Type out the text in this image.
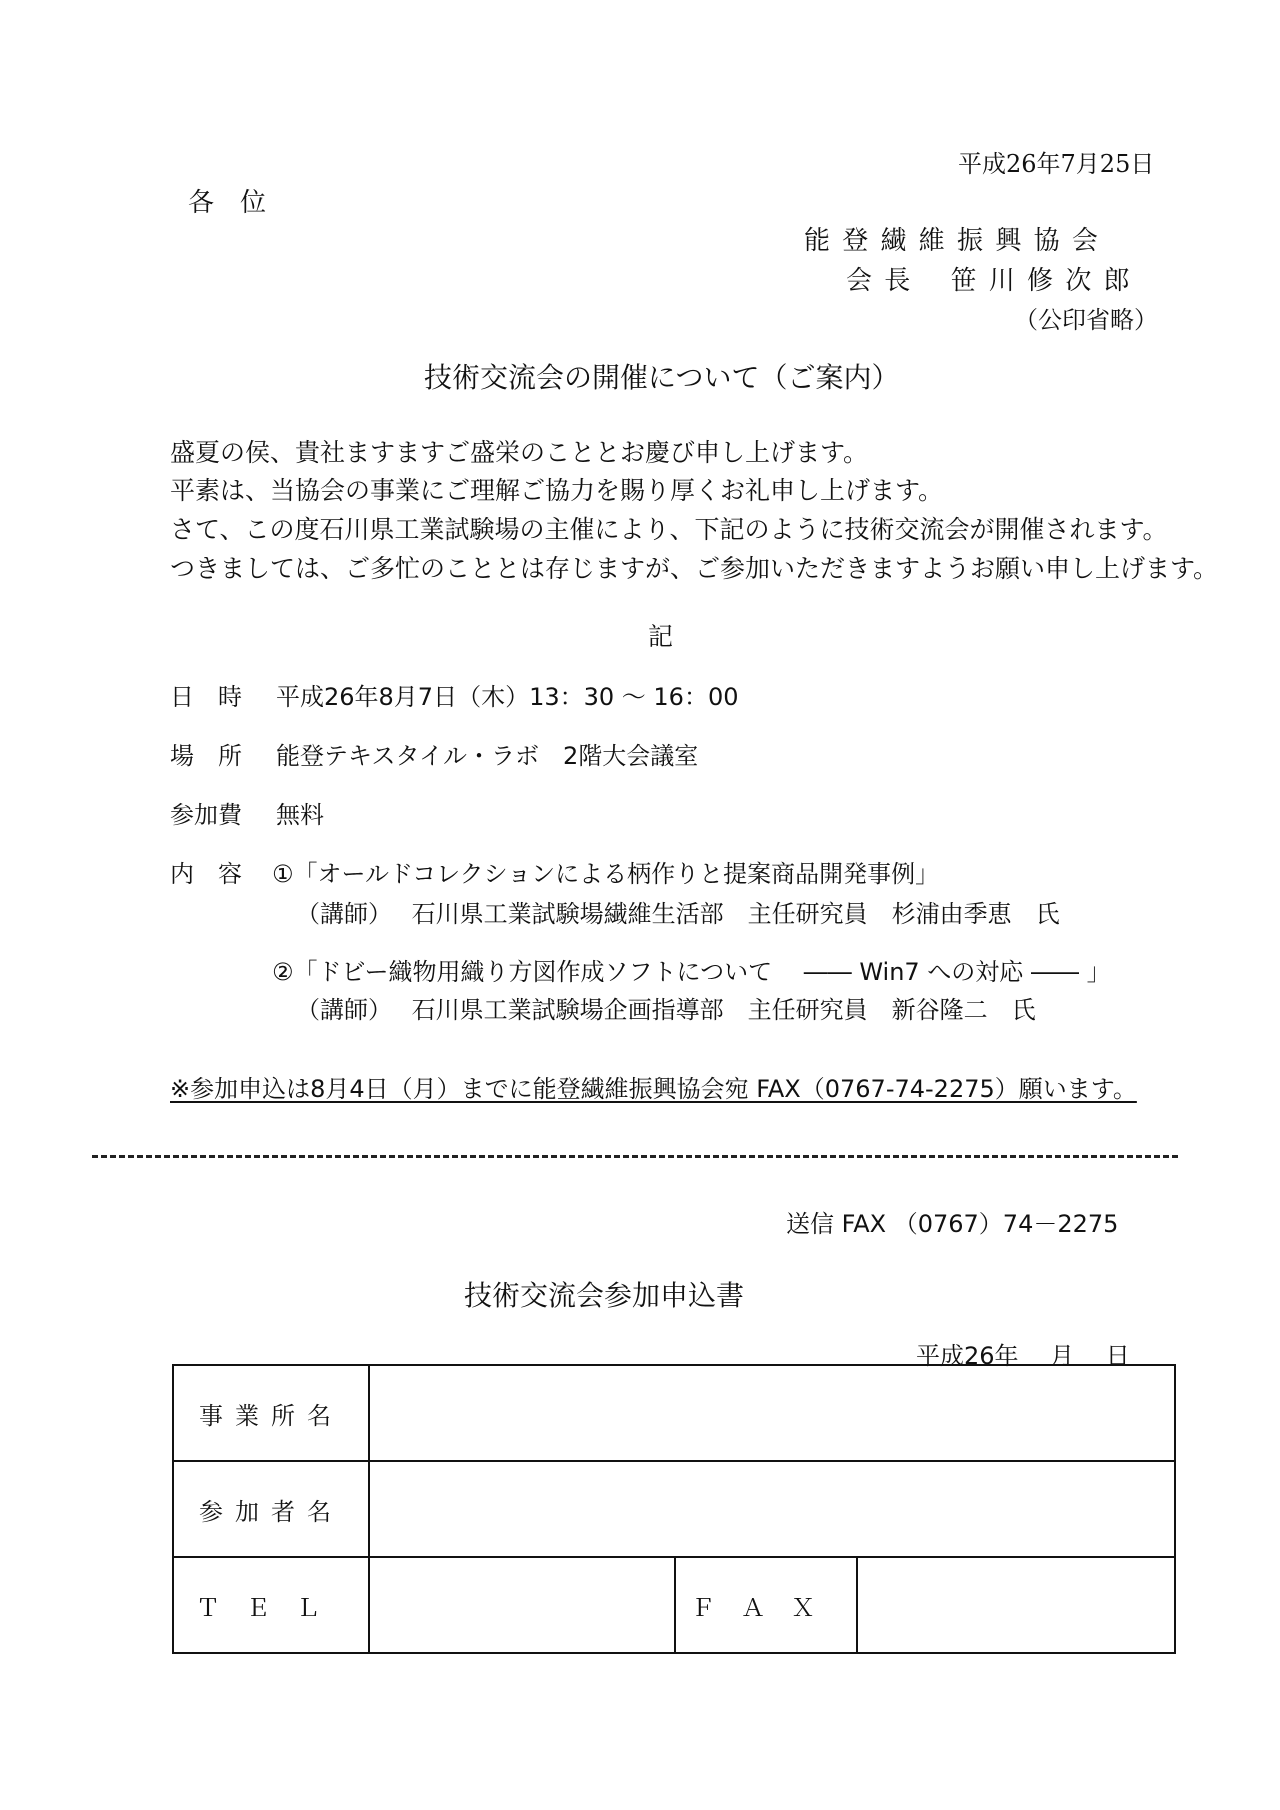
平成26年7月25日
各　位
能 登 繊 維 振 興 協 会
会 長　 笹 川 修 次 郎
（公印省略）
技術交流会の開催について（ご案内）
盛夏の侯、貴社ますますご盛栄のこととお慶び申し上げます。
平素は、当協会の事業にご理解ご協力を賜り厚くお礼申し上げます。
さて、この度石川県工業試験場の主催により、下記のように技術交流会が開催されます。
つきましては、ご多忙のこととは存じますが、ご参加いただきますようお願い申し上げます。
記
日　時 平成26年8月7日（木）13：30 ～ 16：00
場　所 能登テキスタイル・ラボ　2階大会議室
参加費 無料
内　容 ①「オールドコレクションによる柄作りと提案商品開発事例」
（講師）　 石川県工業試験場繊維生活部　主任研究員　杉浦由季恵　氏
②「ドビー織物用織り方図作成ソフトについて　 ―― Win7 への対応 ―― 」
（講師）　 石川県工業試験場企画指導部　主任研究員　新谷隆二　氏
※参加申込は8月4日（月）までに能登繊維振興協会宛 FAX（0767-74-2275）願います。
送信 FAX （0767）74－2275
技術交流会参加申込書
平成26年　 月　 日
事業所名			
参加者名			
ＴＥＬ		ＦＡＸ	
